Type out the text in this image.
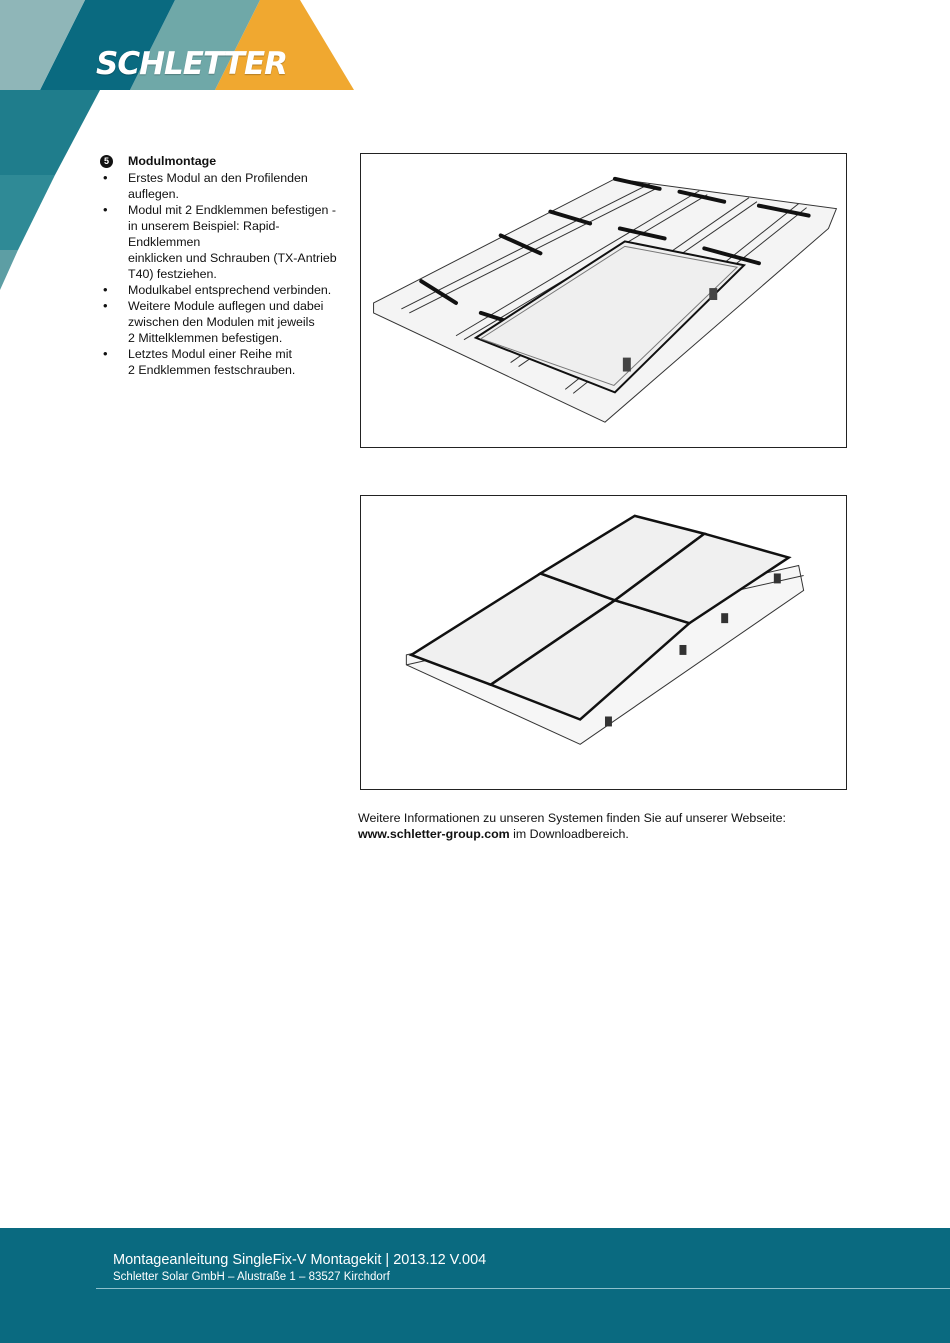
SCHLETTER
5	Modulmontage
• Erstes Modul an den Profilenden
auflegen.
• Modul mit 2 Endklemmen befestigen -
in unserem Beispiel: Rapid-Endklemmen
einklicken und Schrauben (TX-Antrieb
T40) festziehen.
• Modulkabel entsprechend verbinden.
• Weitere Module auflegen und dabei
zwischen den Modulen mit jeweils
2 Mittelklemmen befestigen.
• Letztes Modul einer Reihe mit
2 Endklemmen festschrauben.
Weitere Informationen zu unseren Systemen finden Sie auf unserer Webseite:
www.schletter-group.com im Downloadbereich.
Montageanleitung SingleFix-V Montagekit | 2013.12 V.004
Schletter Solar GmbH – Alustraße 1 – 83527 Kirchdorf
